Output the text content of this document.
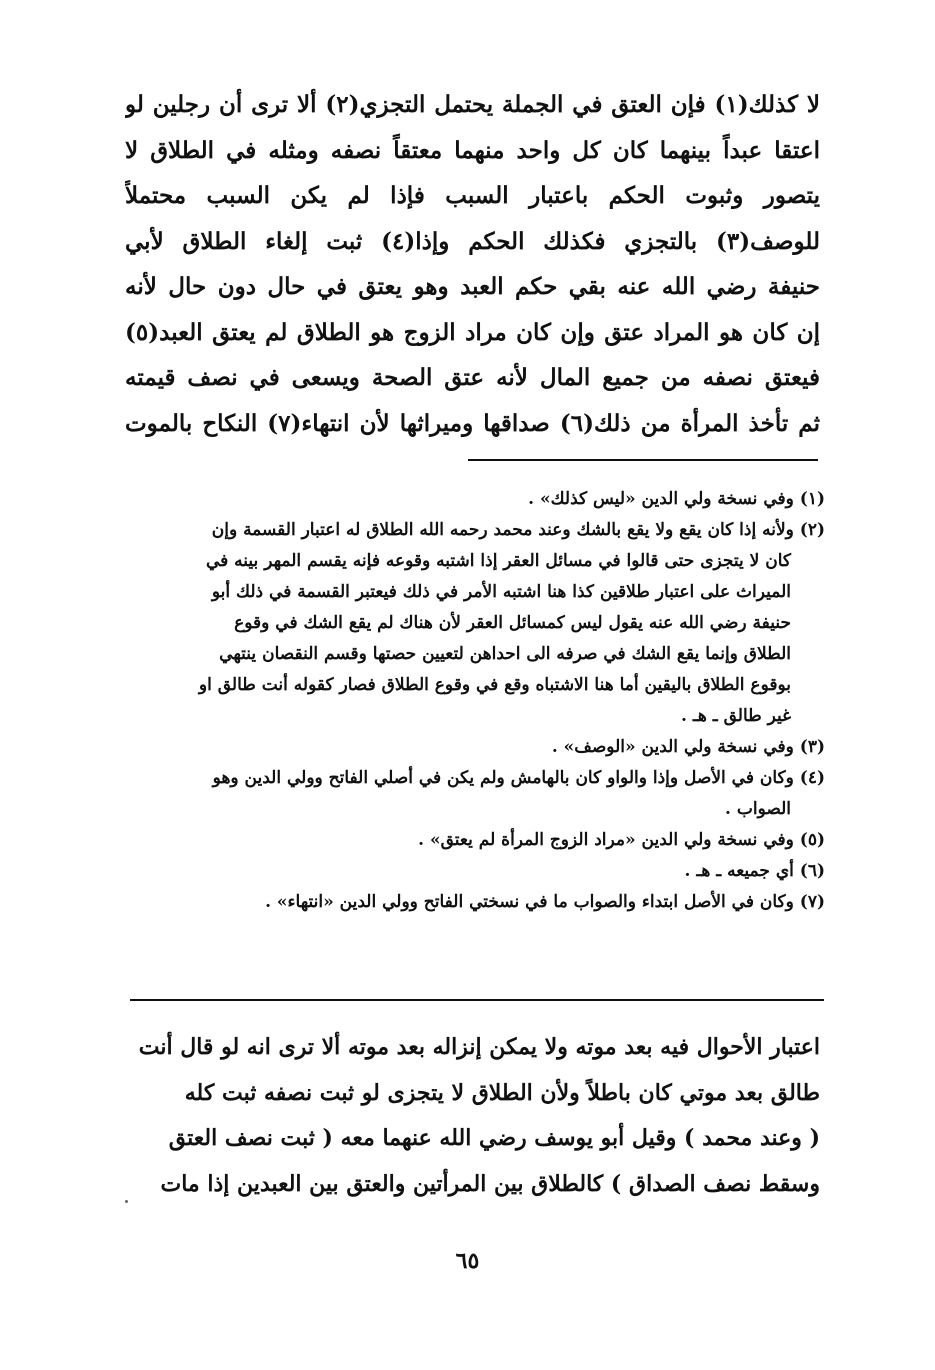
لا كذلك(١) فإن العتق في الجملة يحتمل التجزي(٢) ألا ترى أن رجلين لو
اعتقا عبداً بينهما كان كل واحد منهما معتقاً نصفه ومثله في الطلاق لا
يتصور وثبوت الحكم باعتبار السبب فإذا لم يكن السبب محتملاً
للوصف(٣) بالتجزي فكذلك الحكم وإذا(٤) ثبت إلغاء الطلاق لأبي
حنيفة رضي الله عنه بقي حكم العبد وهو يعتق في حال دون حال لأنه
إن كان هو المراد عتق وإن كان مراد الزوج هو الطلاق لم يعتق العبد(٥)
فيعتق نصفه من جميع المال لأنه عتق الصحة ويسعى في نصف قيمته
ثم تأخذ المرأة من ذلك(٦) صداقها وميراثها لأن انتهاء(٧) النكاح بالموت
(١) وفي نسخة ولي الدين «ليس كذلك» .
(٢) ولأنه إذا كان يقع ولا يقع بالشك وعند محمد رحمه الله الطلاق له اعتبار القسمة وإن
كان لا يتجزى حتى قالوا في مسائل العقر إذا اشتبه وقوعه فإنه يقسم المهر بينه في
الميراث على اعتبار طلاقين كذا هنا اشتبه الأمر في ذلك فيعتبر القسمة في ذلك أبو
حنيفة رضي الله عنه يقول ليس كمسائل العقر لأن هناك لم يقع الشك في وقوع
الطلاق وإنما يقع الشك في صرفه الى احداهن لتعيين حصتها وقسم النقصان ينتهي
بوقوع الطلاق باليقين أما هنا الاشتباه وقع في وقوع الطلاق فصار كقوله أنت طالق او
غير طالق ـ هـ .
(٣) وفي نسخة ولي الدين «الوصف» .
(٤) وكان في الأصل وإذا والواو كان بالهامش ولم يكن في أصلي الفاتح وولي الدين وهو
الصواب .
(٥) وفي نسخة ولي الدين «مراد الزوج المرأة لم يعتق» .
(٦) أي جميعه ـ هـ .
(٧) وكان في الأصل ابتداء والصواب ما في نسختي الفاتح وولي الدين «انتهاء» .
اعتبار الأحوال فيه بعد موته ولا يمكن إنزاله بعد موته ألا ترى انه لو قال أنت
طالق بعد موتي كان باطلاً ولأن الطلاق لا يتجزى لو ثبت نصفه ثبت كله
( وعند محمد ) وقيل أبو يوسف رضي الله عنهما معه ( ثبت نصف العتق
وسقط نصف الصداق ) كالطلاق بين المرأتين والعتق بين العبدين إذا مات
٦٥
